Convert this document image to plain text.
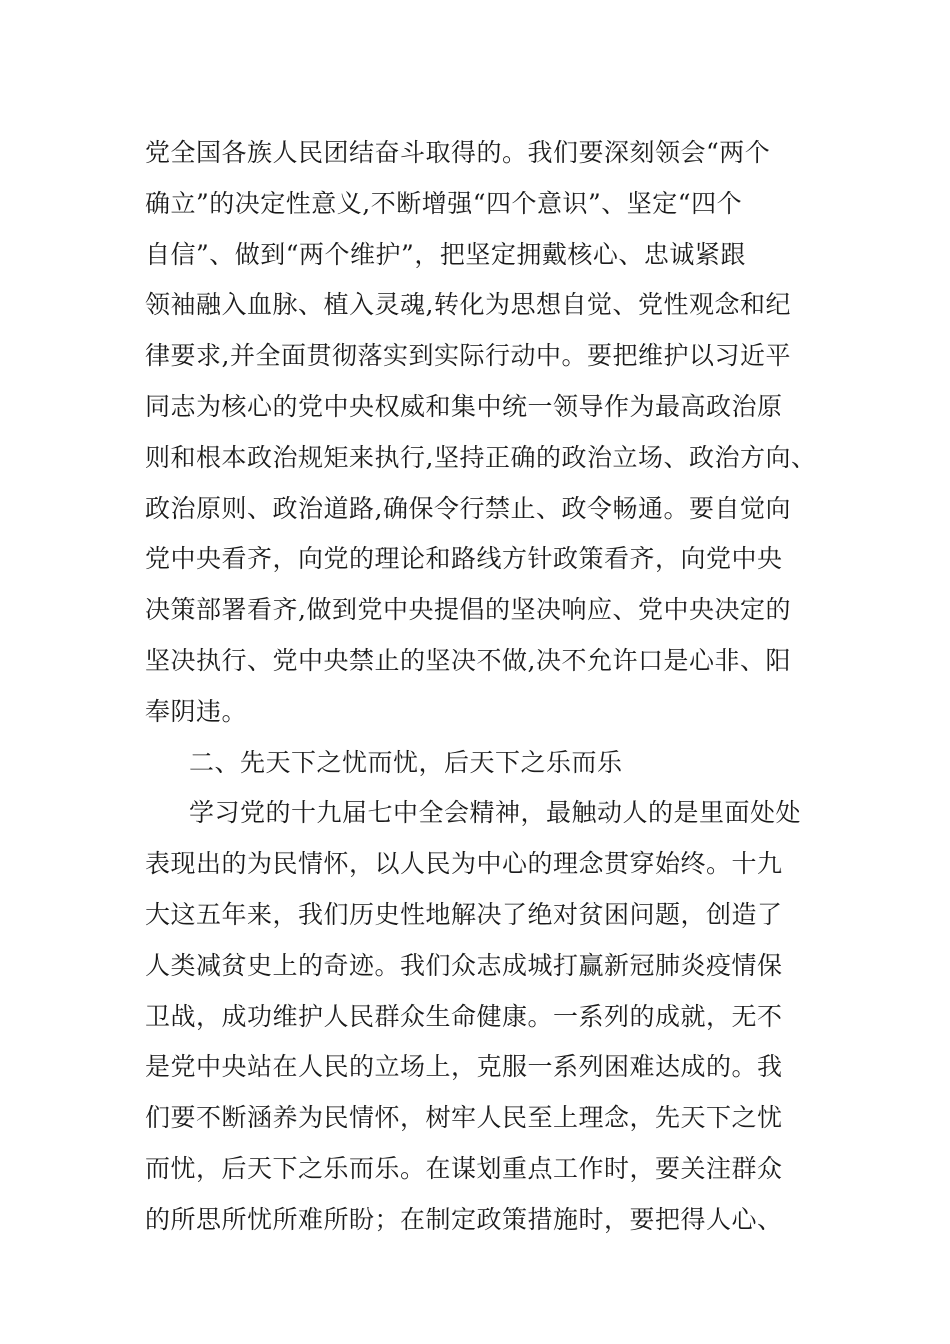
党全国各族人民团结奋斗取得的。我们要深刻领会“两个
确立”的决定性意义,不断增强“四个意识”、坚定“四个
自信”、做到“两个维护”，把坚定拥戴核心、忠诚紧跟
领袖融入血脉、植入灵魂,转化为思想自觉、党性观念和纪
律要求,并全面贯彻落实到实际行动中。要把维护以习近平
同志为核心的党中央权威和集中统一领导作为最高政治原
则和根本政治规矩来执行,坚持正确的政治立场、政治方向、
政治原则、政治道路,确保令行禁止、政令畅通。要自觉向
党中央看齐，向党的理论和路线方针政策看齐，向党中央
决策部署看齐,做到党中央提倡的坚决响应、党中央决定的
坚决执行、党中央禁止的坚决不做,决不允许口是心非、阳
奉阴违。
二、先天下之忧而忧，后天下之乐而乐
学习党的十九届七中全会精神，最触动人的是里面处处
表现出的为民情怀，以人民为中心的理念贯穿始终。十九
大这五年来，我们历史性地解决了绝对贫困问题，创造了
人类减贫史上的奇迹。我们众志成城打赢新冠肺炎疫情保
卫战，成功维护人民群众生命健康。一系列的成就，无不
是党中央站在人民的立场上，克服一系列困难达成的。我
们要不断涵养为民情怀，树牢人民至上理念，先天下之忧
而忧，后天下之乐而乐。在谋划重点工作时，要关注群众
的所思所忧所难所盼；在制定政策措施时，要把得人心、
